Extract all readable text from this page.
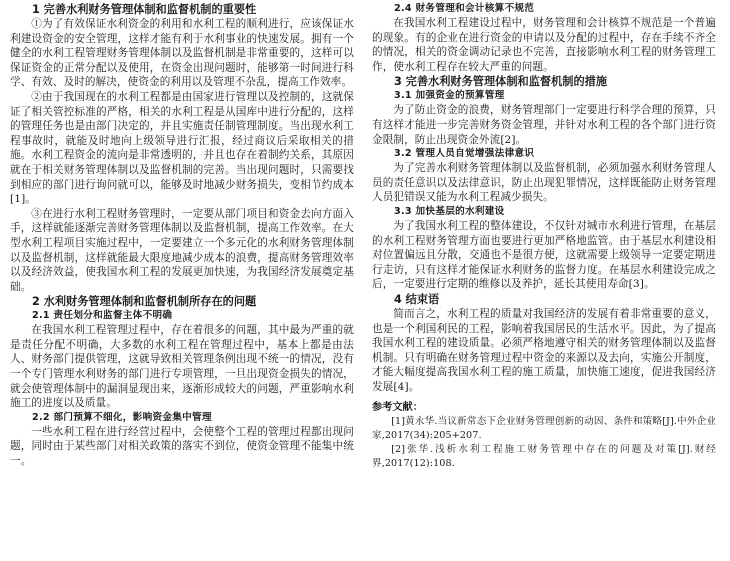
1 完善水利财务管理体制和监督机制的重要性

①为了有效保证水利资金的利用和水利工程的顺利进行，应该保证水利建设资金的安全管理，这样才能有利于水利事业的快速发展。拥有一个健全的水利工程管理财务管理体制以及监督机制是非常重要的，这样可以保证资金的正常分配以及使用，在资金出现问题时，能够第一时间进行科学、有效、及时的解决，使资金的利用以及管理不杂乱，提高工作效率。

②由于我国现在的水利工程都是由国家进行管理以及控制的，这就保证了相关管控标准的严格，相关的水利工程是从国库中进行分配的，这样的管理任务也是由部门决定的，并且实施责任制管理制度。当出现水利工程事故时，就能及时地向上级领导进行汇报，经过商议后采取相关的措施。水利工程资金的流向是非常透明的，并且也存在着制约关系，其原因就在于相关财务管理体制以及监督机制的完善。当出现问题时，只需要找到相应的部门进行询问就可以，能够及时地减少财务损失，变相节约成本[1]。

③在进行水利工程财务管理时，一定要从部门项目和资金去向方面入手，这样就能逐渐完善财务管理体制以及监督机制，提高工作效率。在大型水利工程项目实施过程中，一定要建立一个多元化的水利财务管理体制以及监督机制，这样就能最大限度地减少成本的浪费，提高财务管理效率以及经济效益，使我国水利工程的发展更加快速，为我国经济发展奠定基础。

2 水利财务管理体制和监督机制所存在的问题
2.1 责任划分和监督主体不明确

在我国水利工程管理过程中，存在着很多的问题，其中最为严重的就是责任分配不明确，大多数的水利工程在管理过程中，基本上都是由法人、财务部门提供管理，这就导致相关管理条例出现不统一的情况，没有一个专门管理水利财务的部门进行专项管理，一旦出现资金损失的情况，就会使管理体制中的漏洞显现出来，逐渐形成较大的问题，严重影响水利施工的进度以及质量。

2.2 部门预算不细化，影响资金集中管理

一些水利工程在进行经营过程中，会使整个工程的管理过程都出现问题，同时由于某些部门对相关政策的落实不到位，使资金管理不能集中统一。

2.4 财务管理和会计核算不规范

在我国水利工程建设过程中，财务管理和会计核算不规范是一个普遍的现象。有的企业在进行资金的申请以及分配的过程中，存在手续不齐全的情况，相关的资金调动记录也不完善，直接影响水利工程的财务管理工作，使水利工程存在较大严重的问题。

3 完善水利财务管理体制和监督机制的措施
3.1 加强资金的预算管理

为了防止资金的浪费，财务管理部门一定要进行科学合理的预算，只有这样才能进一步完善财务资金管理，并针对水利工程的各个部门进行资金限制，防止出现资金外流[2]。

3.2 管理人员自觉增强法律意识

为了完善水利财务管理体制以及监督机制，必须加强水利财务管理人员的责任意识以及法律意识，防止出现犯罪情况，这样既能防止财务管理人员犯错误又能为水利工程减少损失。

3.3 加快基层的水利建设

为了我国水利工程的整体建设，不仅针对城市水利进行管理，在基层的水利工程财务管理方面也要进行更加严格地监管。由于基层水利建设相对位置偏远且分散，交通也不是很方便，这就需要上级领导一定要定期进行走访，只有这样才能保证水利财务的监督力度。在基层水利建设完成之后，一定要进行定期的维修以及养护，延长其使用寿命[3]。

4 结束语

简而言之，水利工程的质量对我国经济的发展有着非常重要的意义，也是一个利国利民的工程，影响着我国居民的生活水平。因此，为了提高我国水利工程的建设质量。必须严格地遵守相关的财务管理体制以及监督机制。只有明确在财务管理过程中资金的来源以及去向，实施公开制度，才能大幅度提高我国水利工程的施工质量，加快施工速度，促进我国经济发展[4]。

参考文献：

[1]黄永华.当议新常态下企业财务管理创新的动因、条件和策略[J].中外企业家,2017(34):205+207.

[2]张华.浅析水利工程施工财务管理中存在的问题及对策[J].财经界,2017(12):108.
